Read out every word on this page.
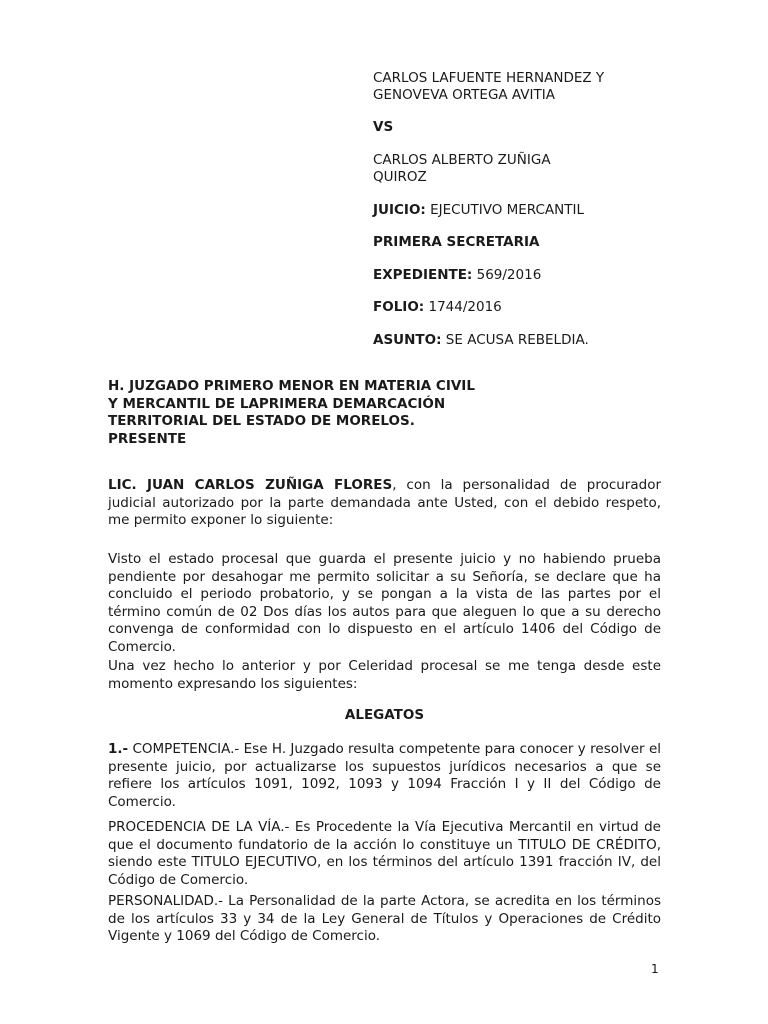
CARLOS LAFUENTE HERNANDEZ Y
GENOVEVA ORTEGA AVITIA
VS
CARLOS ALBERTO ZUÑIGA
QUIROZ
JUICIO: EJECUTIVO MERCANTIL
PRIMERA SECRETARIA
EXPEDIENTE: 569/2016
FOLIO: 1744/2016
ASUNTO: SE ACUSA REBELDIA.
H. JUZGADO PRIMERO MENOR EN MATERIA CIVIL
Y MERCANTIL DE LAPRIMERA DEMARCACIÓN
TERRITORIAL DEL ESTADO DE MORELOS.
PRESENTE
LIC. JUAN CARLOS ZUÑIGA FLORES, con la personalidad de procurador judicial autorizado por la parte demandada ante Usted, con el debido respeto, me permito exponer lo siguiente:
Visto el estado procesal que guarda el presente juicio y no habiendo prueba pendiente por desahogar me permito solicitar a su Señoría, se declare que ha concluido el periodo probatorio, y se pongan a la vista de las partes por el término común de 02 Dos días los autos para que aleguen lo que a su derecho convenga de conformidad con lo dispuesto en el artículo 1406 del Código de Comercio.
Una vez hecho lo anterior y por Celeridad procesal se me tenga desde este momento expresando los siguientes:
ALEGATOS
1.- COMPETENCIA.- Ese H. Juzgado resulta competente para conocer y resolver el presente juicio, por actualizarse los supuestos jurídicos necesarios a que se refiere los artículos 1091, 1092, 1093 y 1094 Fracción I y II del Código de Comercio.
PROCEDENCIA DE LA VÍA.- Es Procedente la Vía Ejecutiva Mercantil en virtud de que el documento fundatorio de la acción lo constituye un TITULO DE CRÉDITO, siendo este TITULO EJECUTIVO, en los términos del artículo 1391 fracción IV, del Código de Comercio.
PERSONALIDAD.- La Personalidad de la parte Actora, se acredita en los términos de los artículos 33 y 34 de la Ley General de Títulos y Operaciones de Crédito Vigente y 1069 del Código de Comercio.
1
